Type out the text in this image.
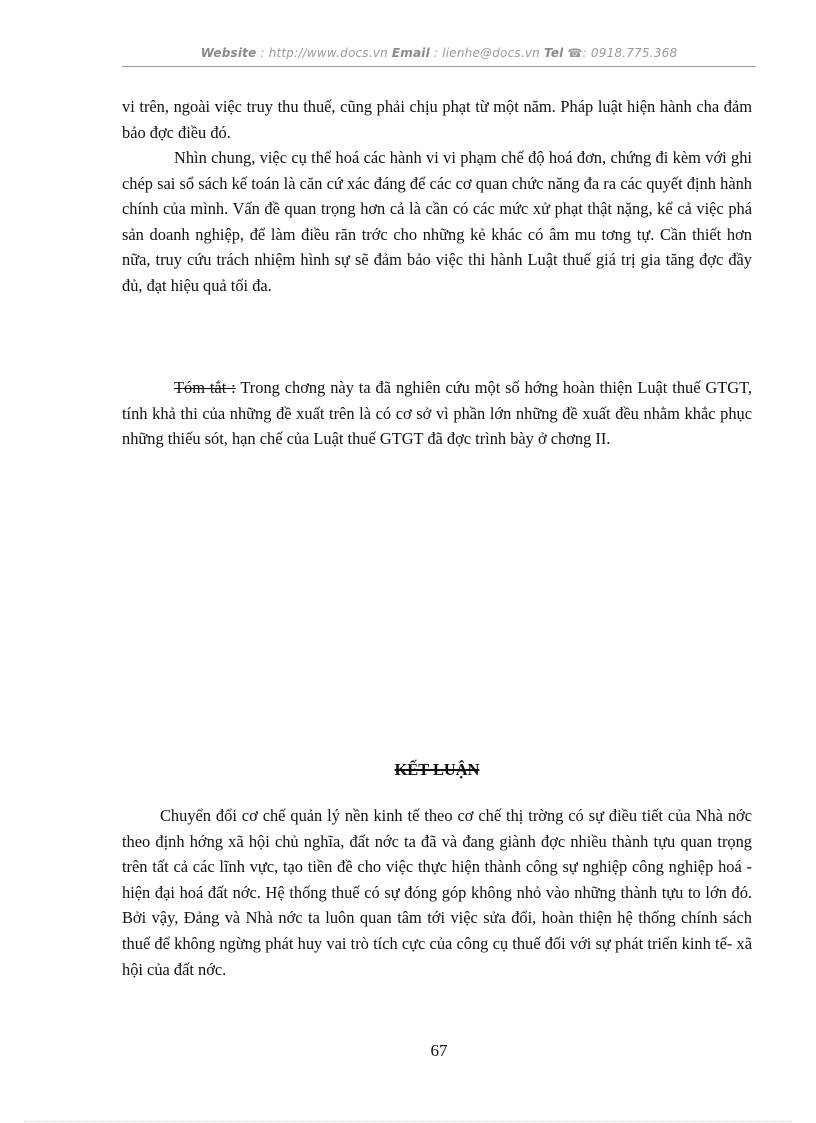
Website : http://www.docs.vn Email : lienhe@docs.vn Tel ☎: 0918.775.368

vi trên, ngoài việc truy thu thuế, cũng phải chịu phạt từ một năm. Pháp luật hiện hành cha đảm bảo đợc điều đó.

Nhìn chung, việc cụ thể hoá các hành vi vi phạm chế độ hoá đơn, chứng đi kèm với ghi chép sai sổ sách kế toán là căn cứ xác đáng để các cơ quan chức năng đa ra các quyết định hành chính của mình. Vấn đề quan trọng hơn cả là cần có các mức xử phạt thật nặng, kể cả việc phá sản doanh nghiệp, để làm điều răn trớc cho những kẻ khác có âm mu tơng tự. Cần thiết hơn nữa, truy cứu trách nhiệm hình sự sẽ đảm bảo việc thi hành Luật thuế giá trị gia tăng đợc đầy đủ, đạt hiệu quả tối đa.

Tóm tắt : Trong chơng này ta đã nghiên cứu một số hớng hoàn thiện Luật thuế GTGT, tính khả thi của những đề xuất trên là có cơ sở vì phần lớn những đề xuất đều nhằm khắc phục những thiếu sót, hạn chế của Luật thuế GTGT đã đợc trình bày ở chơng II.

KẾT LUẬN

Chuyển đổi cơ chế quản lý nền kinh tế theo cơ chế thị trờng có sự điều tiết của Nhà nớc theo định hớng xã hội chủ nghĩa, đất nớc ta đã và đang giành đợc nhiều thành tựu quan trọng trên tất cả các lĩnh vực, tạo tiền đề cho việc thực hiện thành công sự nghiệp công nghiệp hoá - hiện đại hoá đất nớc. Hệ thống thuế có sự đóng góp không nhỏ vào những thành tựu to lớn đó. Bởi vậy, Đảng và Nhà nớc ta luôn quan tâm tới việc sửa đổi, hoàn thiện hệ thống chính sách thuế để không ngừng phát huy vai trò tích cực của công cụ thuế đối với sự phát triển kinh tế- xã hội của đất nớc.

67
